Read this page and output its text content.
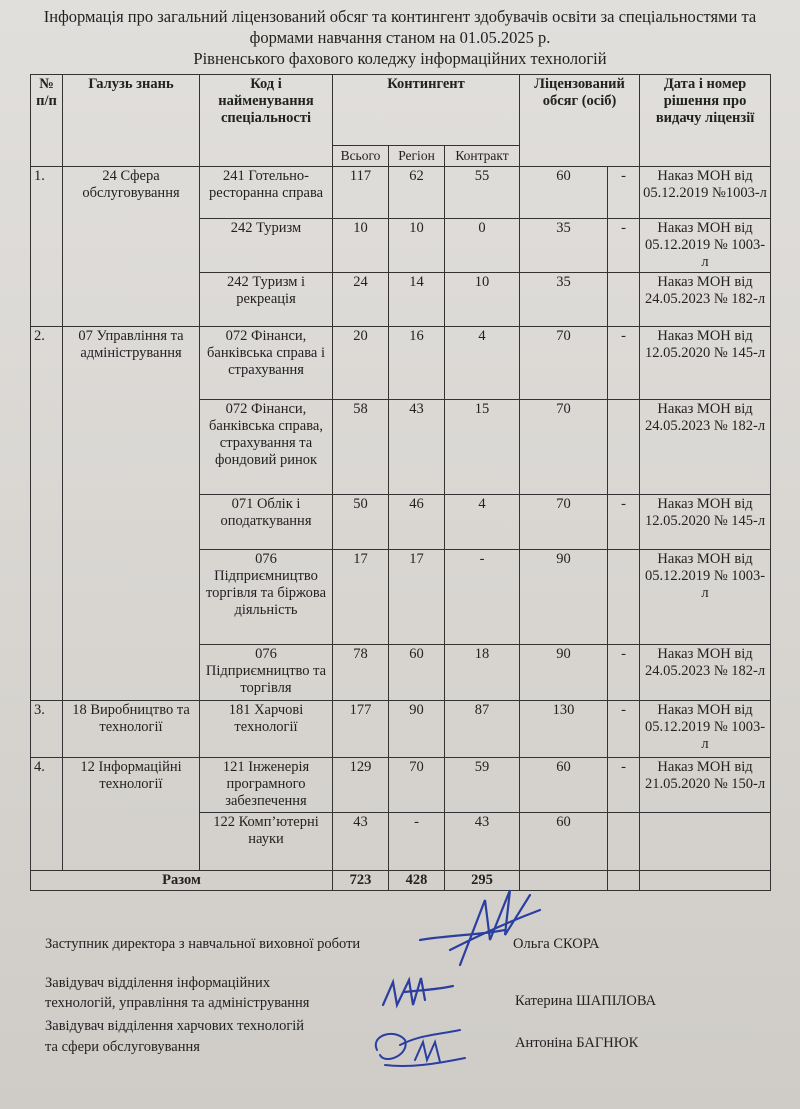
Інформація про загальний ліцензований обсяг та контингент здобувачів освіти за спеціальностями та
формами навчання станом на 01.05.2025 р.
Рівненського фахового коледжу інформаційних технологій
№ п/п	Галузь знань	Код і найменування спеціальності	Контингент			Ліцензований обсяг (осіб)		Дата і номер рішення про видачу ліцензії
			Всього	Регіон	Контракт			
1.	24 Сфера обслуговування	241 Готельно-ресторанна справа	117	62	55	60	-	Наказ МОН від 05.12.2019 №1003-л
		242 Туризм	10	10	0	35	-	Наказ МОН від 05.12.2019 № 1003-л
		242 Туризм і рекреація	24	14	10	35		Наказ МОН від 24.05.2023 № 182-л
2.	07 Управління та адміністрування	072 Фінанси, банківська справа і страхування	20	16	4	70	-	Наказ МОН від 12.05.2020 № 145-л
		072 Фінанси, банківська справа, страхування та фондовий ринок	58	43	15	70		Наказ МОН від 24.05.2023 № 182-л
		071 Облік і оподаткування	50	46	4	70	-	Наказ МОН від 12.05.2020 № 145-л
		076 Підприємництво торгівля та біржова діяльність	17	17	-	90		Наказ МОН від 05.12.2019 № 1003-л
		076 Підприємництво та торгівля	78	60	18	90	-	Наказ МОН від 24.05.2023 № 182-л
3.	18 Виробництво та технології	181 Харчові технології	177	90	87	130	-	Наказ МОН від 05.12.2019 № 1003-л
4.	12 Інформаційні технології	121 Інженерія програмного забезпечення	129	70	59	60	-	Наказ МОН від 21.05.2020 № 150-л
		122 Комп’ютерні науки	43	-	43	60		
Разом			723	428	295			
Заступник директора з навчальної виховної роботи	Ольга СКОРА
Завідувач відділення інформаційних
технологій, управління та адміністрування	Катерина ШАПІЛОВА
Завідувач відділення харчових технологій
та сфери обслуговування	Антоніна БАГНЮК
